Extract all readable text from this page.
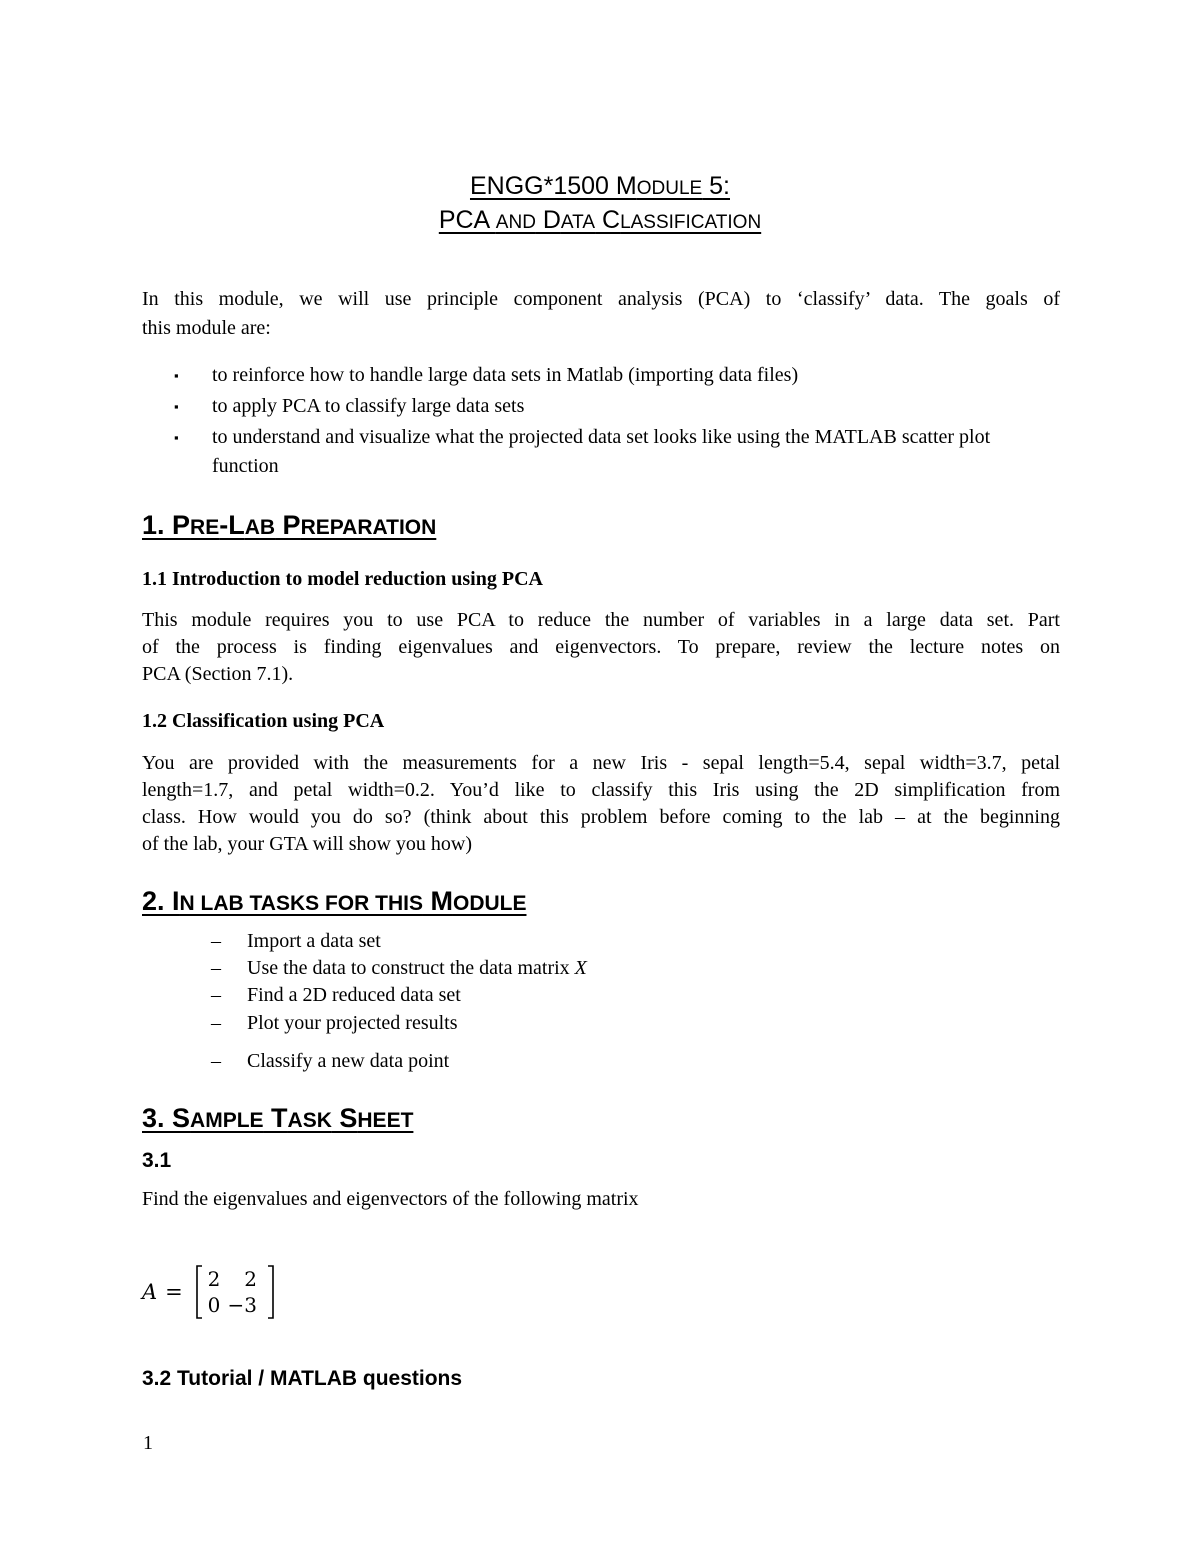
ENGG*1500 MODULE 5:
PCA AND DATA CLASSIFICATION
In this module, we will use principle component analysis (PCA) to ‘classify’ data. The goals of
this module are:
▪	to reinforce how to handle large data sets in Matlab (importing data files)
▪	to apply PCA to classify large data sets
▪	to understand and visualize what the projected data set looks like using the MATLAB scatter plot function
1. PRE-LAB PREPARATION
1.1 Introduction to model reduction using PCA
This module requires you to use PCA to reduce the number of variables in a large data set. Part
of the process is finding eigenvalues and eigenvectors. To prepare, review the lecture notes on
PCA (Section 7.1).
1.2 Classification using PCA
You are provided with the measurements for a new Iris - sepal length=5.4, sepal width=3.7, petal
length=1.7, and petal width=0.2. You’d like to classify this Iris using the 2D simplification from
class. How would you do so? (think about this problem before coming to the lab – at the beginning
of the lab, your GTA will show you how)
2. IN LAB TASKS FOR THIS MODULE
–	Import a data set
–	Use the data to construct the data matrix X
–	Find a 2D reduced data set
–	Plot your projected results
–	Classify a new data point
3. SAMPLE TASK SHEET
3.1
Find the eigenvalues and eigenvectors of the following matrix
A =
2 2
0 −3
3.2 Tutorial / MATLAB questions
1
